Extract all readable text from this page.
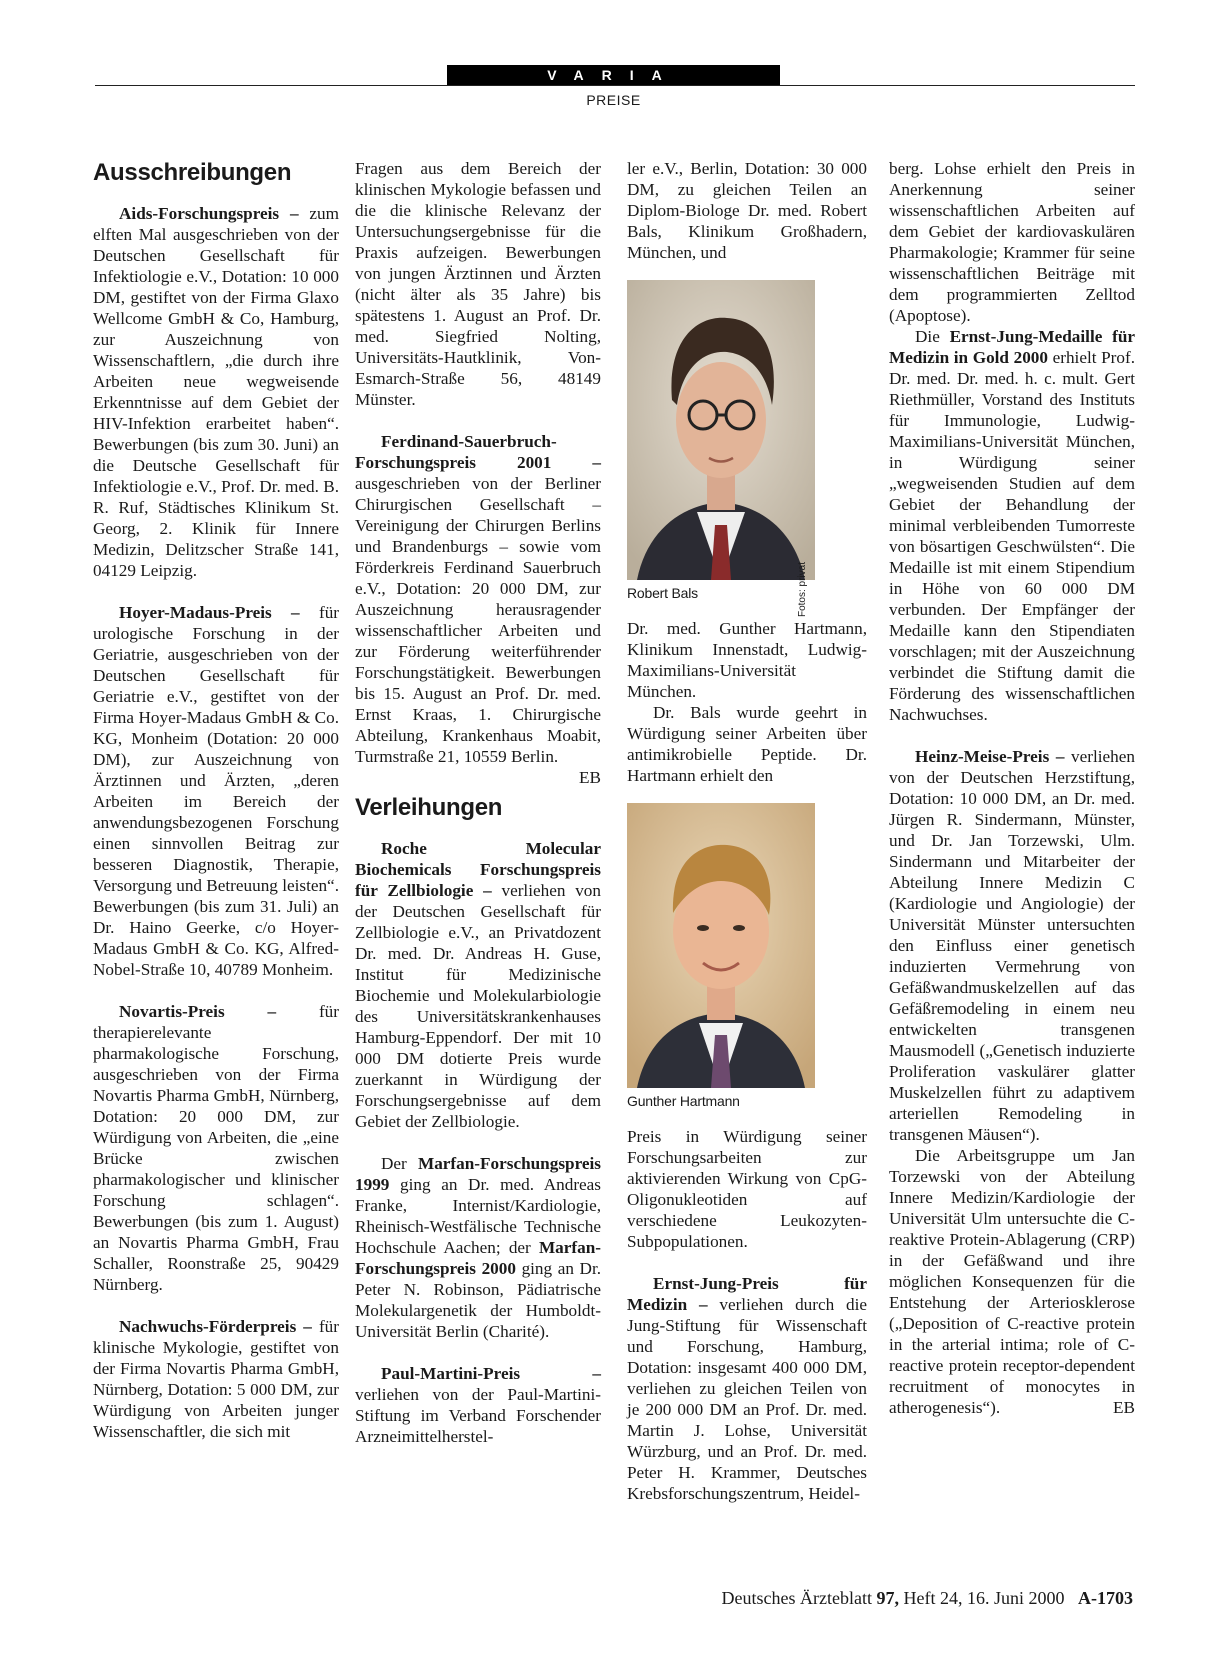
VARIA
PREISE
Ausschreibungen

Aids-Forschungspreis – zum elften Mal ausgeschrieben von der Deutschen Gesellschaft für Infektiologie e.V., Dotation: 10 000 DM, gestiftet von der Firma Glaxo Wellcome GmbH & Co, Hamburg, zur Auszeichnung von Wissenschaftlern, „die durch ihre Arbeiten neue wegweisende Erkenntnisse auf dem Gebiet der HIV-Infektion erarbeitet haben“. Bewerbungen (bis zum 30. Juni) an die Deutsche Gesellschaft für Infektiologie e.V., Prof. Dr. med. B. R. Ruf, Städtisches Klinikum St. Georg, 2. Klinik für Innere Medizin, Delitzscher Straße 141, 04129 Leipzig.

Hoyer-Madaus-Preis – für urologische Forschung in der Geriatrie, ausgeschrieben von der Deutschen Gesellschaft für Geriatrie e.V., gestiftet von der Firma Hoyer-Madaus GmbH & Co. KG, Monheim (Dotation: 20 000 DM), zur Auszeichnung von Ärztinnen und Ärzten, „deren Arbeiten im Bereich der anwendungsbezogenen Forschung einen sinnvollen Beitrag zur besseren Diagnostik, Therapie, Versorgung und Betreuung leisten“. Bewerbungen (bis zum 31. Juli) an Dr. Haino Geerke, c/o Hoyer-Madaus GmbH & Co. KG, Alfred-Nobel-Straße 10, 40789 Monheim.

Novartis-Preis – für therapierelevante pharmakologische Forschung, ausgeschrieben von der Firma Novartis Pharma GmbH, Nürnberg, Dotation: 20 000 DM, zur Würdigung von Arbeiten, die „eine Brücke zwischen pharmakologischer und klinischer Forschung schlagen“. Bewerbungen (bis zum 1. August) an Novartis Pharma GmbH, Frau Schaller, Roonstraße 25, 90429 Nürnberg.

Nachwuchs-Förderpreis – für klinische Mykologie, gestiftet von der Firma Novartis Pharma GmbH, Nürnberg, Dotation: 5 000 DM, zur Würdigung von Arbeiten junger Wissenschaftler, die sich mit

Fragen aus dem Bereich der klinischen Mykologie befassen und die die klinische Relevanz der Untersuchungsergebnisse für die Praxis aufzeigen. Bewerbungen von jungen Ärztinnen und Ärzten (nicht älter als 35 Jahre) bis spätestens 1. August an Prof. Dr. med. Siegfried Nolting, Universitäts-Hautklinik, Von-Esmarch-Straße 56, 48149 Münster.

Ferdinand-Sauerbruch-Forschungspreis 2001 – ausgeschrieben von der Berliner Chirurgischen Gesellschaft – Vereinigung der Chirurgen Berlins und Brandenburgs – sowie vom Förderkreis Ferdinand Sauerbruch e.V., Dotation: 20 000 DM, zur Auszeichnung herausragender wissenschaftlicher Arbeiten und zur Förderung weiterführender Forschungstätigkeit. Bewerbungen bis 15. August an Prof. Dr. med. Ernst Kraas, 1. Chirurgische Abteilung, Krankenhaus Moabit, Turmstraße 21, 10559 Berlin.
EB

Verleihungen

Roche Molecular Biochemicals Forschungspreis für Zellbiologie – verliehen von der Deutschen Gesellschaft für Zellbiologie e.V., an Privatdozent Dr. med. Dr. Andreas H. Guse, Institut für Medizinische Biochemie und Molekularbiologie des Universitätskrankenhauses Hamburg-Eppendorf. Der mit 10 000 DM dotierte Preis wurde zuerkannt in Würdigung der Forschungsergebnisse auf dem Gebiet der Zellbiologie.

Der Marfan-Forschungspreis 1999 ging an Dr. med. Andreas Franke, Internist/Kardiologie, Rheinisch-Westfälische Technische Hochschule Aachen; der Marfan-Forschungspreis 2000 ging an Dr. Peter N. Robinson, Pädiatrische Molekulargenetik der Humboldt-Universität Berlin (Charité).

Paul-Martini-Preis – verliehen von der Paul-Martini-Stiftung im Verband Forschender Arzneimittelherstel-

ler e.V., Berlin, Dotation: 30 000 DM, zu gleichen Teilen an Diplom-Biologe Dr. med. Robert Bals, Klinikum Großhadern, München, und

Fotos: privat
Robert Bals

Dr. med. Gunther Hartmann, Klinikum Innenstadt, Ludwig-Maximilians-Universität München.

Dr. Bals wurde geehrt in Würdigung seiner Arbeiten über antimikrobielle Peptide. Dr. Hartmann erhielt den

Gunther Hartmann

Preis in Würdigung seiner Forschungsarbeiten zur aktivierenden Wirkung von CpG-Oligonukleotiden auf verschiedene Leukozyten-Subpopulationen.

Ernst-Jung-Preis für Medizin – verliehen durch die Jung-Stiftung für Wissenschaft und Forschung, Hamburg, Dotation: insgesamt 400 000 DM, verliehen zu gleichen Teilen von je 200 000 DM an Prof. Dr. med. Martin J. Lohse, Universität Würzburg, und an Prof. Dr. med. Peter H. Krammer, Deutsches Krebsforschungszentrum, Heidel-

berg. Lohse erhielt den Preis in Anerkennung seiner wissenschaftlichen Arbeiten auf dem Gebiet der kardiovaskulären Pharmakologie; Krammer für seine wissenschaftlichen Beiträge mit dem programmierten Zelltod (Apoptose).

Die Ernst-Jung-Medaille für Medizin in Gold 2000 erhielt Prof. Dr. med. Dr. med. h. c. mult. Gert Riethmüller, Vorstand des Instituts für Immunologie, Ludwig-Maximilians-Universität München, in Würdigung seiner „wegweisenden Studien auf dem Gebiet der Behandlung der minimal verbleibenden Tumorreste von bösartigen Geschwülsten“. Die Medaille ist mit einem Stipendium in Höhe von 60 000 DM verbunden. Der Empfänger der Medaille kann den Stipendiaten vorschlagen; mit der Auszeichnung verbindet die Stiftung damit die Förderung des wissenschaftlichen Nachwuchses.

Heinz-Meise-Preis – verliehen von der Deutschen Herzstiftung, Dotation: 10 000 DM, an Dr. med. Jürgen R. Sindermann, Münster, und Dr. Jan Torzewski, Ulm. Sindermann und Mitarbeiter der Abteilung Innere Medizin C (Kardiologie und Angiologie) der Universität Münster untersuchten den Einfluss einer genetisch induzierten Vermehrung von Gefäßwandmuskelzellen auf das Gefäßremodeling in einem neu entwickelten transgenen Mausmodell („Genetisch induzierte Proliferation vaskulärer glatter Muskelzellen führt zu adaptivem arteriellen Remodeling in transgenen Mäusen“).

Die Arbeitsgruppe um Jan Torzewski von der Abteilung Innere Medizin/Kardiologie der Universität Ulm untersuchte die C-reaktive Protein-Ablagerung (CRP) in der Gefäßwand und ihre möglichen Konsequenzen für die Entstehung der Arteriosklerose („Deposition of C-reactive protein in the arterial intima; role of C-reactive protein receptor-dependent recruitment of monocytes in atherogenesis“).	EB

Deutsches Ärzteblatt 97, Heft 24, 16. Juni 2000 A-1703
